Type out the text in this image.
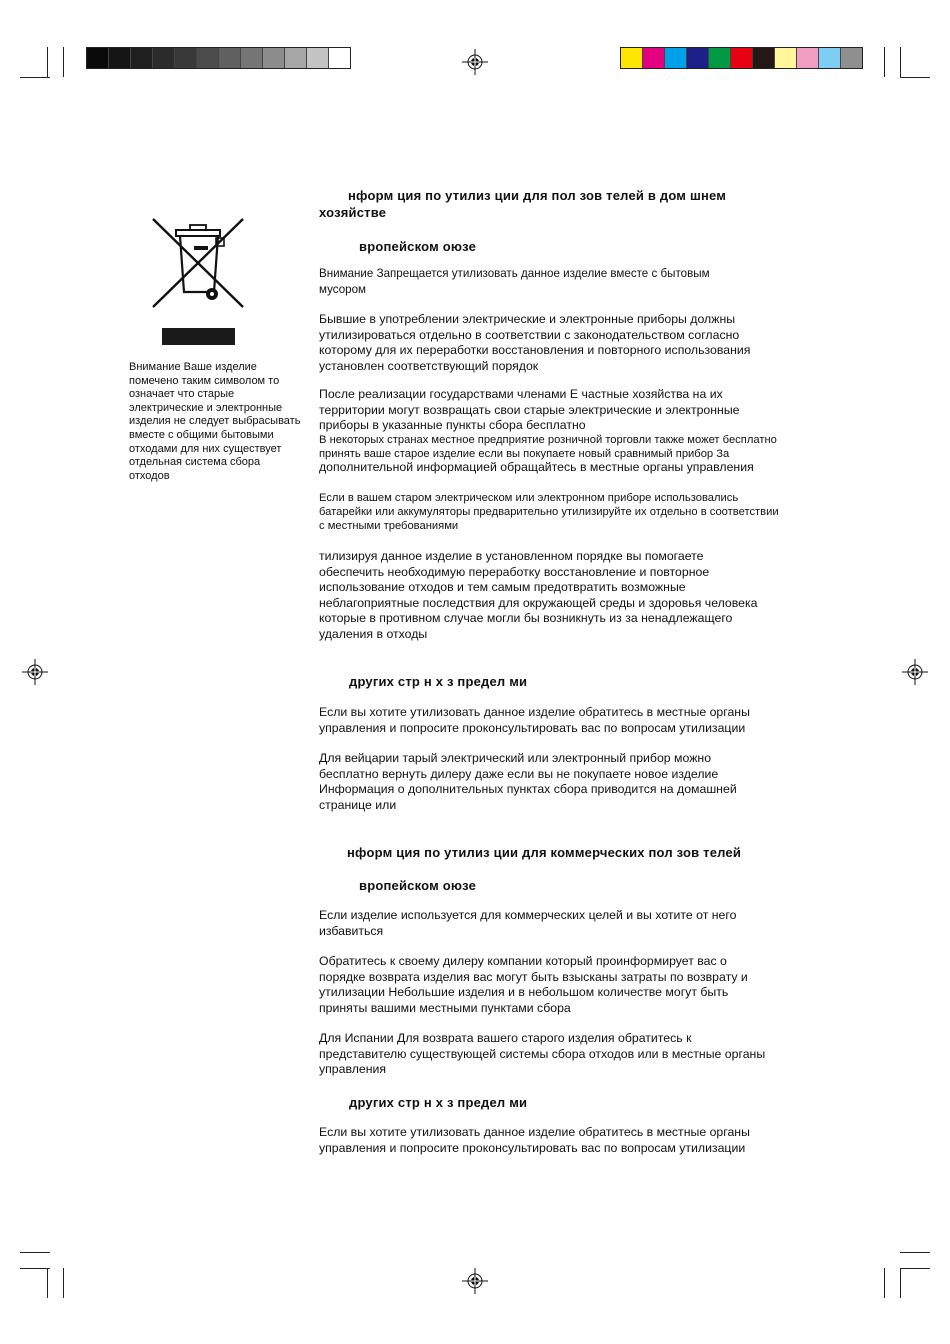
Внимание Ваше изделие помечено таким символом то означает что старые электрические и электронные изделия не следует выбрасывать вместе с общими бытовыми отходами для них существует отдельная система сбора отходов
нформ ция по утилиз ции для пол зов телей в дом шнем
хозяйстве
вропейском оюзе
Внимание Запрещается утилизовать данное изделие вместе с бытовым
мусором
Бывшие в употреблении электрические и электронные приборы должны
утилизироваться отдельно в соответствии с законодательством согласно
которому для их переработки восстановления и повторного использования
установлен соответствующий порядок
После реализации государствами членами Е частные хозяйства на их
территории могут возвращать свои старые электрические и электронные
приборы в указанные пункты сбора бесплатно
В некоторых странах местное предприятие розничной торговли также может бесплатно
принять ваше старое изделие если вы покупаете новый сравнимый прибор За
дополнительной информацией обращайтесь в местные органы управления
Если в вашем старом электрическом или электронном приборе использовались
батарейки или аккумуляторы предварительно утилизируйте их отдельно в соответствии
с местными требованиями
тилизируя данное изделие в установленном порядке вы помогаете
обеспечить необходимую переработку восстановление и повторное
использование отходов и тем самым предотвратить возможные
неблагоприятные последствия для окружающей среды и здоровья человека
которые в противном случае могли бы возникнуть из за ненадлежащего
удаления в отходы
других стр н х з предел ми
Если вы хотите утилизовать данное изделие обратитесь в местные органы
управления и попросите проконсультировать вас по вопросам утилизации
Для вейцарии тарый электрический или электронный прибор можно
бесплатно вернуть дилеру даже если вы не покупаете новое изделие
Информация о дополнительных пунктах сбора приводится на домашней
странице или
нформ ция по утилиз ции для коммерческих пол зов телей
вропейском оюзе
Если изделие используется для коммерческих целей и вы хотите от него
избавиться
Обратитесь к своему дилеру компании который проинформирует вас о
порядке возврата изделия вас могут быть взысканы затраты по возврату и
утилизации Небольшие изделия и в небольшом количестве могут быть
приняты вашими местными пунктами сбора
Для Испании Для возврата вашего старого изделия обратитесь к
представителю существующей системы сбора отходов или в местные органы
управления
других стр н х з предел ми
Если вы хотите утилизовать данное изделие обратитесь в местные органы
управления и попросите проконсультировать вас по вопросам утилизации
